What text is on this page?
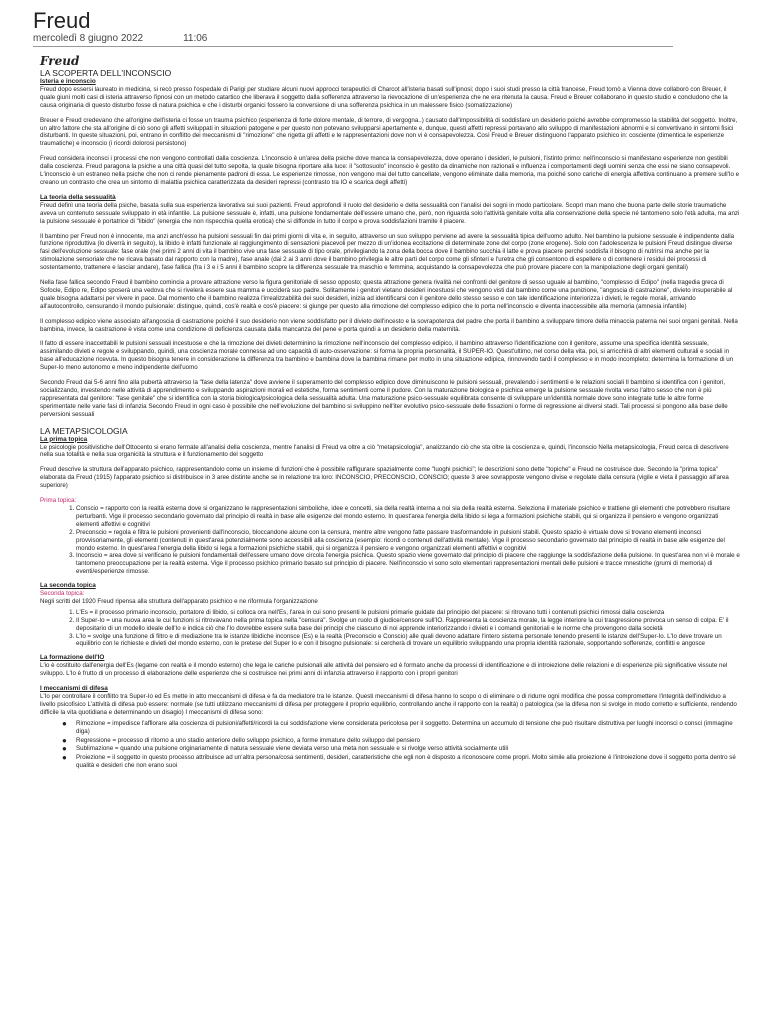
Freud
mercoledì 8 giugno 2022	11:06
Freud
LA SCOPERTA DELL'INCONSCIO
Isteria e inconscio
Freud dopo essersi laureato in medicina, si recò presso l'ospedale di Parigi per studiare alcuni nuovi approcci terapeutici di Charcot all'isteria basati sull'ipnosi; dopo i suoi studi presso la città francese, Freud tornò a Vienna dove collaborò con Breuer, il quale giunì molti casi di isteria attraverso l'ipnosi con un metodo catartico che liberava il soggetto dalla sofferenza attraverso la rievocazione di un'esperienza che ne era ritenuta la causa. Freud e Breuer collaborano in questo studio e concludono che la causa originaria di questo disturbo fosse di natura psichica e che i disturbi organici fossero la conversione di una sofferenza psichica in un malessere fisico (somatizzazione)
Breuer e Freud credevano che all'origine dell'isteria ci fosse un trauma psichico (esperienza di forte dolore mentale, di terrore, di vergogna..) causato dall'impossibilità di soddisfare un desiderio poiché avrebbe compromesso la stabilità del soggetto. Inoltre, un altro fattore che sta all'origine di ciò sono gli affetti sviluppati in situazioni patogene e per questo non potevano svilupparsi apertamente e, dunque, questi affetti repressi portavano allo sviluppo di manifestazioni abnormi e si convertivano in sintomi fisici disturbanti. In queste situazioni, poi, entrano in conflitto dei meccanismi di "rimozione" che rigetta gli affetti e le rappresentazioni dove non vi è consapevolezza. Così Freud e Breuer distinguono l'apparato psichico in: cosciente (dimentica le esperienze traumatiche) e inconscio (i ricordi dolorosi persistono)
Freud considera inconsci i processi che non vengono controllati dalla coscienza. L'inconscio è un'area della psiche dove manca la consapevolezza, dove operano i desideri, le pulsioni, l'istinto primo: nell'inconscio si manifestano esperienze non gestibili dalla coscienza. Freud paragona la psiche a una città quasi del tutto sepolta, la quale bisogna riportare alla luce: il "sottosuolo" inconscio è gestito da dinamiche non razionali e influenza i comportamenti degli uomini senza che essi ne siano consapevoli. L'inconscio è un estraneo nella psiche che non ci rende pienamente padroni di essa. Le esperienze rimosse, non vengono mai del tutto cancellate, vengono eliminate dalla memoria, ma poiché sono cariche di energia affettiva continuano a premere sull'Io e creano un contrasto che crea un sintomo di malattia psichica caratterizzata da desideri repressi (contrasto tra IO e scarica degli affetti)
La teoria della sessualità
Freud definì una teoria della psiche, basata sulla sua esperienza lavorativa sui suoi pazienti. Freud approfondì il ruolo del desiderio e della sessualità con l'analisi dei sogni in modo particolare. Scoprì man mano che buona parte delle storie traumatiche aveva un contenuto sessuale sviluppato in età infantile. La pulsione sessuale è, infatti, una pulsione fondamentale dell'essere umano che, però, non riguarda solo l'attività genitale volta alla conservazione della specie né tantomeno solo l'età adulta, ma anzi la pulsione sessuale è portatrice di "libido" (energia che non rispecchia quella erotica) che si diffonde in tutto il corpo e prova soddisfazioni tramite il piacere.
Il bambino per Freud non è innocente, ma anzi anch'esso ha pulsioni sessuali fin dai primi giorni di vita e, in seguito, attraverso un suo sviluppo perviene ad avere la sessualità tipica dell'uomo adulto. Nel bambino la pulsione sessuale è indipendente dalla funzione riproduttiva (lo diverrà in seguito), la libido è infatti funzionale al raggiungimento di sensazioni piacevoli per mezzo di un'idonea eccitazione di determinate zone del corpo (zone erogene). Solo con l'adolescenza le pulsioni Freud distingue diverse fasi dell'evoluzione sessuale: fase orale (nei primi 2 anni di vita il bambino vive una fase sessuale di tipo orale, privilegiando la zona della bocca dove il bambino succhia il latte e prova piacere perché soddisfa il bisogno di nutrirsi ma anche per la stimolazione sensoriale che ne ricava basato dal rapporto con la madre), fase anale (dai 2 ai 3 anni dove il bambino privilegia le altre parti del corpo come gli sfinteri e l'uretra che gli consentono di espellere o di contenere i residui dei processi di sostentamento, trattenere e lasciar andare), fase fallica (fra i 3 e i 5 anni il bambino scopre la differenza sessuale tra maschio e femmina, acquistando la consapevolezza che può provare piacere con la manipolazione degli organi genitali)
Nella fase fallica secondo Freud il bambino comincia a provare attrazione verso la figura genitoriale di sesso opposto; questa attrazione genera rivalità nei confronti del genitore di sesso uguale al bambino, "complesso di Edipo" (nella tragedia greca di Sofocle, Edipo re, Edipo sposerà una vedova che si rivelerà essere sua mamma e ucciderà suo padre. Solitamente i genitori vietano desideri incestuosi che vengono visti dal bambino come una punizione, "angoscia di castrazione", divieto insuperabile al quale bisogna adattarsi per vivere in pace. Dal momento che il bambino realizza l'irrealizzabilità dei suoi desideri, inizia ad identificarsi con il genitore dello stesso sesso e con tale identificazione interiorizza i divieti, le regole morali, arrivando all'autocontrollo, censurando il mondo pulsionale: distingue, quindi, cos'è realtà e cos'è piacere: si giunge per questo alla rimozione del complesso edipico che lo porta nell'inconscio e diventa inaccessibile alla memoria (amnesia infantile)
Il complesso edipico viene associato all'angoscia di castrazione poiché il suo desiderio non viene soddisfatto per il divieto dell'incesto e la sovrapotenza del padre che porta il bambino a sviluppare timore della minaccia paterna nei suoi organi genitali. Nella bambina, invece, la castrazione è vista come una condizione di deficienza causata dalla mancanza del pene e porta quindi a un desiderio della maternità.
Il fatto di essere inaccettabili le pulsioni sessuali incestuose e che la rimozione dei divieti determinino la rimozione nell'inconscio del complesso edipico, il bambino attraverso l'identificazione con il genitore, assume una specifica identità sessuale, assimilando divieti e regole e sviluppando, quindi, una coscienza morale connessa ad uno capacità di auto-osservazione: si forma la propria personalità, il SUPER-IO. Quest'ultimo, nel corso della vita, poi, si arricchirà di altri elementi culturali e sociali in base all'educazione ricevuta. In questo bisogna tenere in considerazione la differenza tra bambino e bambina dove la bambina rimane per molto in una situazione edipica, rinnovendo tardi il complesso e in modo incompleto: determina la formazione di un Super-Io meno autonomo e meno indipendente dell'uomo
Secondo Freud dai 5-6 anni fino alla pubertà attraverso la "fase della latenza" dove avviene il superamento del complesso edipico dove diminuiscono le pulsioni sessuali, prevalendo i sentimenti e le relazioni sociali Il bambino si identifica con i genitori, socializzando, investendo nelle attività di apprendimento e sviluppando aspirazioni morali ed estetiche, forma sentimenti come il pudore. Con la maturazione biologica e psichica emerge la pulsione sessuale rivolta verso l'altro sesso che non è più rappresentata dal genitore: "fase genitale" che si identifica con la storia biologica/psicologica della sessualità adulta. Una maturazione psico-sessuale equilibrata consente di sviluppare un'identità normale dove sono integrate tutte le altre forme sperimentate nelle varie fasi di infanzia Secondo Freud in ogni caso è possibile che nell'evoluzione del bambino si sviluppino nell'iter evolutivo psico-sessuale delle fissazioni o forme di regressione ai diversi stadi. Tali processi si pongono alla base delle perversioni sessuali
LA METAPSICOLOGIA
La prima topica
Le psicologie positivistiche dell'Ottocento si erano fermate all'analisi della coscienza, mentre l'analisi di Freud va oltre a ciò "metapsicologia", analizzando ciò che sta oltre la coscienza e, quindi, l'inconscio Nella metapsicologia, Freud cerca di descrivere nella sua totalità e nella sua organicità la struttura e il funzionamento del soggetto
Freud descrive la struttura dell'apparato psichico, rappresentandolo come un insieme di funzioni che è possibile raffigurare spazialmente come "luoghi psichici"; le descrizioni sono dette "topiche" e Freud ne costruisce due. Secondo la "prima topica" elaborata da Freud (1915) l'apparato psichico si distribuisce in 3 aree distinte anche se in relazione tra loro: INCONSCIO, PRECONSCIO, CONSCIO; queste 3 aree sovrapposte vengono divise e regolate dalla censura (vigile e vieta il passaggio all'area superiore)
Prima topica:
1. Conscio = rapporto con la realtà esterna dove si organizzano le rappresentazioni simboliche, idee e concetti, sia della realtà interna a noi sia della realtà esterna. Seleziona il materiale psichico e trattiene gli elementi che potrebbero risultare perturbanti. Vige il processo secondario governato dal principio di realtà in base alle esigenze del mondo esterno. In quest'area l'energia della libido si lega a formazioni psichiche stabili, qui si organizza il pensiero e vengono organizzati elementi affettivi e cognitivi
2. Preconscio = regola e filtra le pulsioni provenienti dall'inconscio, bloccandone alcune con la censura, mentre altre vengono fatte passare trasformandole in pulsioni stabili. Questo spazio è virtuale dove si trovano elementi inconsci provvisoriamente, gli elementi (contenuti in quest'area potenzialmente sono accessibili alla coscienza (esempio: ricordi o contenuti dell'attività mentale). Vige il processo secondario governato dal principio di realtà in base alle esigenze del mondo esterno. In quest'area l'energia della libido si lega a formazioni psichiche stabili, qui si organizza il pensiero e vengono organizzati elementi affettivi e cognitivi
3. Inconscio = area dove si verificano le pulsioni fondamentali dell'essere umano dove circola l'energia psichica. Questo spazio viene governato dal principio di piacere che raggiunge la soddisfazione della pulsione. In quest'area non vi è morale e tantomeno preoccupazione per la realtà esterna. Vige il processo psichico primario basato sul principio di piacere. Nell'inconscio vi sono solo elementari rappresentazioni mentali delle pulsioni e tracce mnestiche (grumi di memoria) di eventi/esperienze rimosse.
La seconda topica
Seconda topica:
Negli scritti del 1920 Freud ripensa alla struttura dell'apparato psichico e ne riformula l'organizzazione
1. L'Es = il processo primario inconscio, portatore di libido, si colloca ora nell'Es, l'area in cui sono presenti le pulsioni primarie guidate dal principio del piacere: si ritrovano tutti i contenuti psichici rimossi dalla coscienza
2. Il Super-Io = una nuova area le cui funzioni si ritrovavano nella prima topica nella "censura". Svolge un ruolo di giudice/censore sull'IO. Rappresenta la coscienza morale, la legge interiore la cui trasgressione provoca un senso di colpa. E' il depositario di un modello ideale dell'Io e indica ciò che l'Io dovrebbe essere sulla base dei principi che ciascuno di noi apprende interiorizzando i divieti e i comandi genitoriali e le norme che provengono dalla società
3. L'Io = svolge una funzione di filtro e di mediazione tra le istanze libidiche inconsce (Es) e la realtà (Preconscio e Conscio) alle quali devono adattare l'intero sistema personale tenendo presenti le istanze dell'Super-Io. L'Io deve trovare un equilibrio con le richieste e divieti del mondo esterno, con le pretese del Super Io e con il bisogno pulsionale: si cercherà di trovare un equilibrio sviluppando una propria identità razionale, sopportando sofferenze, conflitti e angosce
La formazione dell'IO
L'io è costituito dall'energia dell'Es (legame con realtà e il mondo esterno) che lega le cariche pulsionali alle attività del pensiero ed è formato anche da processi di identificazione e di introiezione delle relazioni e di esperienze più significative vissute nel sviluppo. L'Io è frutto di un processo di elaborazione delle esperienze che si costruisce nei primi anni di infanzia attraverso il rapporto con i propri genitori
I meccanismi di difesa
L'Io per controllare il conflitto tra Super-Io ed Es mette in atto meccanismi di difesa e fa da mediatore tra le istanze. Questi meccanismi di difesa hanno lo scopo o di eliminare o di ridurre ogni modifica che possa compromettere l'integrità dell'individuo a livello psicofisico L'attività di difesa può essere: normale (se tutti utilizzano meccanismi di difesa per proteggere il proprio equilibrio, controllando anche il rapporto con la realtà) o patologica (se la difesa non si svolge in modo corretto e sufficiente, rendendo difficile la vita quotidiana e determinando un disagio) I meccanismi di difesa sono:
● Rimozione = impedisce l'affiorare alla coscienza di pulsioni/affetti/ricordi la cui soddisfazione viene considerata pericolosa per il soggetto. Determina un accumulo di tensione che può risultare distruttiva per luoghi inconsci o consci (immagine diga)
● Regressione = processo di ritorno a uno stadio anteriore dello sviluppo psichico, a forme immature dello sviluppo del pensiero
● Sublimazione = quando una pulsione originariamente di natura sessuale viene deviata verso una meta non sessuale e si rivolge verso attività socialmente utili
● Proiezione = il soggetto in questo processo attribuisce ad un'altra persona/cosa sentimenti, desideri, caratteristiche che egli non è disposto a riconoscere come propri. Molto simile alla proiezione è l'introiezione dove il soggetto porta dentro sé qualità e desideri che non erano suoi
